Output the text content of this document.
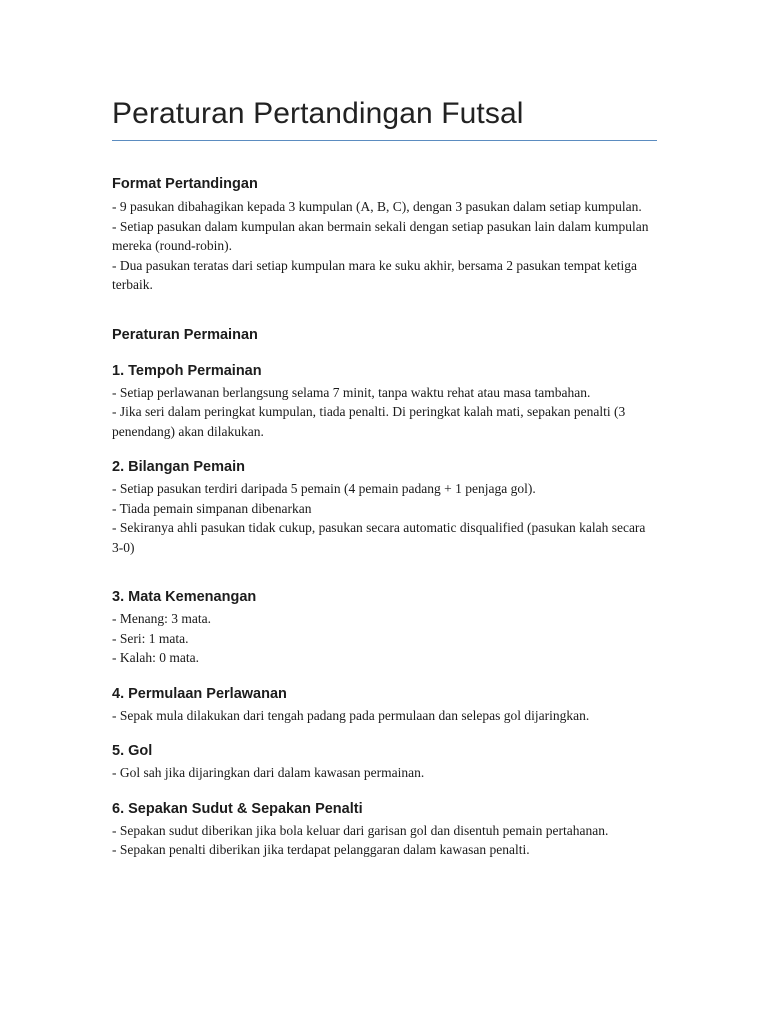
Peraturan Pertandingan Futsal
Format Pertandingan

- 9 pasukan dibahagikan kepada 3 kumpulan (A, B, C), dengan 3 pasukan dalam setiap kumpulan.

- Setiap pasukan dalam kumpulan akan bermain sekali dengan setiap pasukan lain dalam kumpulan mereka (round-robin).

- Dua pasukan teratas dari setiap kumpulan mara ke suku akhir, bersama 2 pasukan tempat ketiga terbaik.

Peraturan Permainan
1. Tempoh Permainan

- Setiap perlawanan berlangsung selama 7 minit, tanpa waktu rehat atau masa tambahan.

- Jika seri dalam peringkat kumpulan, tiada penalti. Di peringkat kalah mati, sepakan penalti (3 penendang) akan dilakukan.

2. Bilangan Pemain

- Setiap pasukan terdiri daripada 5 pemain (4 pemain padang + 1 penjaga gol).

- Tiada pemain simpanan dibenarkan

- Sekiranya ahli pasukan tidak cukup, pasukan secara automatic disqualified (pasukan kalah secara 3-0)

3. Mata Kemenangan

- Menang: 3 mata.

- Seri: 1 mata.

- Kalah: 0 mata.

4. Permulaan Perlawanan

- Sepak mula dilakukan dari tengah padang pada permulaan dan selepas gol dijaringkan.

5. Gol

- Gol sah jika dijaringkan dari dalam kawasan permainan.

6. Sepakan Sudut & Sepakan Penalti

- Sepakan sudut diberikan jika bola keluar dari garisan gol dan disentuh pemain pertahanan.

- Sepakan penalti diberikan jika terdapat pelanggaran dalam kawasan penalti.
